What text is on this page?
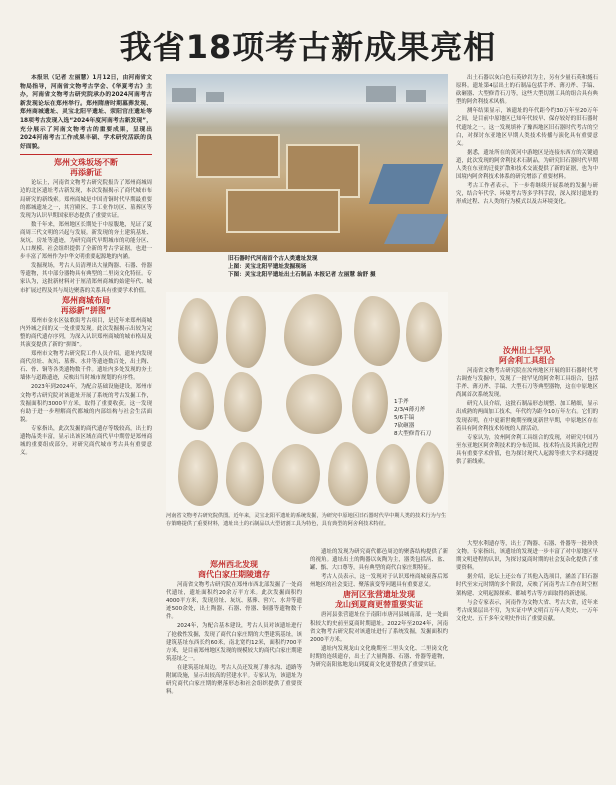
我省18项考古新成果亮相

本报讯（记者 左丽慧）1月12日，由河南省文物局指导，河南省文物考古学会、《华夏考古》主办，河南省文物考古研究院承办的2024河南考古新发现论坛在郑州举行。郑州隋唐时期墓葬发现、郑州商城遗址、灵宝北阳平遗址、荥阳官庄遗址等18项考古发现入选“2024年度河南考古新发现”，充分展示了河南文物考古的重要成果，呈现出2024河南考古工作成果丰硕、学术研究活跃的良好面貌。

郑州文珠坂场不断
再添新证

论坛上，河南省文物考古研究院报告了郑州商城周边的北区遗址考古新发现，本次发掘揭示了商代城市布局研究的新线索。郑州商城是中国青铜时代早期最重要的都城遗址之一，其宫殿区、手工业作坊区、墓葬区等发现为认识早期国家形态提供了重要实证。

数千年来，郑州地区长期处于中原腹地，见证了夏商周三代文明的兴起与发展。新发现的夯土建筑基址、灰坑、房址等遗迹，为研究商代早期城市的功能分区、人口规模、社会组织提供了全新的考古学证据，也进一步丰富了郑州作为中华文明重要起源地的内涵。

发掘现场，考古人员清理出大量陶器、石器、骨器等遗物，其中部分器物具有典型的二里岗文化特征。专家认为，这批新材料对于厘清郑州商城的始建年代、城市扩展过程及其与周边聚落的关系具有重要学术价值。

郑州商城布局
再添新“拼图”

郑州市金水区弦歌街考古项目，是近年来郑州商城内外城之间的又一处重要发现。此次发掘揭示出较为完整的商代遗存序列，为深入认识郑州商城的城市格局及其演变提供了新的“拼图”。

郑州市文物考古研究院工作人员介绍，遗址内发现商代房址、灰坑、墓葬、水井等遗迹数百处，出土陶、石、骨、铜等各类遗物数千件。遗址内多处发现的夯土墙体与道路遗迹，反映出当时城市规划的有序性。

2023年到2024年，为配合基础设施建设，郑州市文物考古研究院对该遗址开展了系统的考古发掘工作，发掘面积约3000平方米，取得了重要收获。这一发现有助于进一步理解商代都城的内部结构与社会生活面貌。

专家指出，此次发掘的商代遗存等级较高，出土的遗物品类丰富，显示出该区域在商代早中期曾是郑州商城的重要组成部分，对研究商代城市考古具有重要意义。

旧石器时代河南首个古人类遗址发现
上图：灵宝北阳平遗址发掘现场
下图：灵宝北阳平遗址出土石制品 本报记者 左丽慧 翁舒 摄
1手斧
2/3/4薄刃斧
5/6手镐
7砍砸器
8大型修背石刀
河南省文物考古研究院供图。近年来，灵宝北阳平遗址的系统发掘，为研究中原地区旧石器时代早中期人类的技术行为与生存策略提供了重要材料，遗址出土的石制品以大型切割工具为特色，具有典型的阿舍利技术特征。

出土石器以灰白色石英砂岩为主，另有少量石英和燧石原料。遗址第4层出土的石制品包括手斧、薄刃斧、手镐、砍砸器、大型修背石刀等，这些大型切割工具的组合具有典型的阿舍利技术风格。

测年结果显示，该遗址的年代距今约30万年至20万年之间，是目前中原地区已知年代较早、保存较好的旧石器时代遗址之一。这一发现填补了豫西地区旧石器时代考古的空白，对探讨东亚地区早期人类技术传播与演化具有重要意义。

据悉，遗址所在的黄河中游地区是连接东西方的关键通道，此次发现的阿舍利技术石制品，为研究旧石器时代早期人类在东亚的迁徙扩散和技术交流提供了新的证据，也为中国境内阿舍利技术体系的研究增添了重要材料。

考古工作者表示，下一步将继续开展系统的发掘与研究，结合年代学、环境考古等多学科手段，深入探讨遗址的形成过程、古人类的行为模式以及古环境变化。

汝州出土罕见
阿舍利工具组合

河南省文物考古研究院在汝州地区开展的旧石器时代考古调查与发掘中，发现了一批罕见的阿舍利工具组合，包括手斧、薄刃斧、手镐、大型石刀等典型器物，这在中原地区尚属首次系统发现。

研究人员介绍，这批石制品形态规整、加工精细，显示出成熟的两面加工技术，年代约为距今10万年左右。它们的发现表明，在中更新世晚期至晚更新世早期，中原地区存在着具有阿舍利技术传统的人群活动。

专家认为，汝州阿舍利工具组合的发现，对研究中国乃至东亚地区阿舍利技术的分布范围、技术特点及其演化过程具有重要学术价值，也为探讨现代人起源等重大学术问题提供了新线索。

郑州西北发现
商代白家庄期陵遗存

河南省文物考古研究院在郑州市西北部发掘了一处商代遗址，遗址面积约20余万平方米。此次发掘面积约4000平方米，发现房址、灰坑、墓葬、窖穴、水井等遗迹500余处，出土陶器、石器、骨器、铜器等遗物数千件。

2024年，为配合基本建设，考古人员对该遗址进行了抢救性发掘，发现了商代白家庄期的大型建筑基址，该建筑基址东西长约60米，南北宽约12米，面积约700平方米，是目前郑州地区发现的规模较大的商代白家庄期建筑基址之一。

在建筑基址周边，考古人员还发现了排水沟、道路等附属设施，显示出较高的营建水平。专家认为，该遗址为研究商代白家庄期的聚落形态和社会组织提供了重要资料。

遗址的发现为研究商代都邑周边的聚落结构提供了新的视角。遗址出土的陶器以灰陶为主，器类包括鬲、盆、罐、甑、大口尊等，具有典型的商代白家庄期特征。

考古人员表示，这一发现对于认识郑州商城衰落后郑州地区的社会变迁、聚落演变等问题具有重要意义。

唐河区张营遗址发现
龙山到夏商更替重要实证

唐河县张营遗址位于南阳市唐河县城南部，是一处面积较大的史前至夏商时期遗址。2022年至2024年，河南省文物考古研究院对该遗址进行了系统发掘，发掘面积约2000平方米。

遗址内发现龙山文化晚期至二里头文化、二里岗文化时期的连续遗存，出土了大量陶器、石器、骨器等遗物，为研究南阳盆地龙山到夏商文化更替提供了重要实证。

大型水利遗存等，出土了陶器、石器、骨器等一批珍贵文物。专家指出，该遗址的发现进一步丰富了对中原地区早期文明进程的认识，为探讨夏商时期的社会复杂化提供了重要资料。

据介绍，论坛上还公布了其他入选项目，涵盖了旧石器时代至宋元时期的多个阶段，反映了河南考古工作在时空框架构建、文明起源探索、都城考古等方面取得的新进展。

与会专家表示，河南作为文物大省、考古大省，近年来考古成果层出不穷，为实证中华文明百万年人类史、一万年文化史、五千多年文明史作出了重要贡献。
